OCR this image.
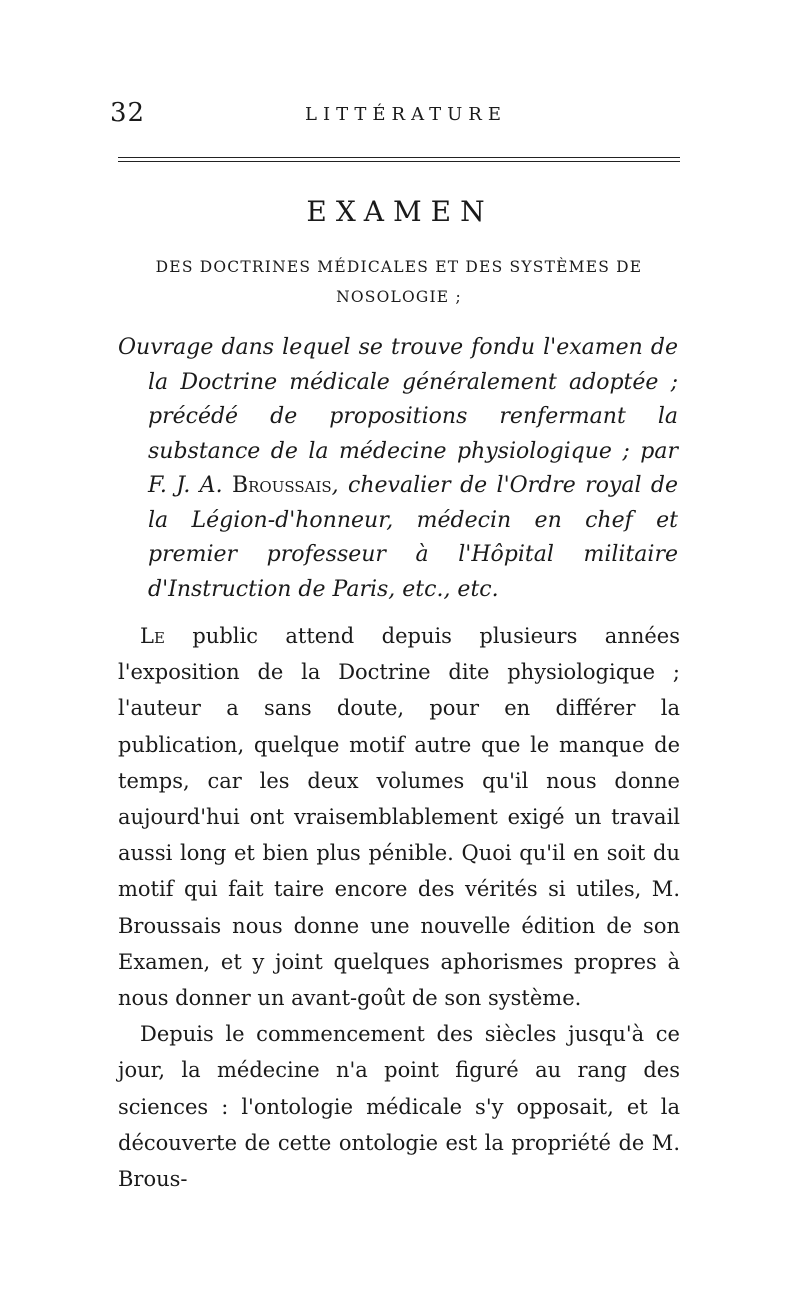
32	LITTÉRATURE
EXAMEN
DES DOCTRINES MÉDICALES ET DES SYSTÈMES DE NOSOLOGIE ;

Ouvrage dans lequel se trouve fondu l'examen de la Doctrine médicale généralement adoptée ; précédé de propositions renfermant la substance de la médecine physiologique ; par F. J. A. Broussais, chevalier de l'Ordre royal de la Légion-d'honneur, médecin en chef et premier professeur à l'Hôpital militaire d'Instruction de Paris, etc., etc.

Le public attend depuis plusieurs années l'exposition de la Doctrine dite physiologique ; l'auteur a sans doute, pour en différer la publication, quelque motif autre que le manque de temps, car les deux volumes qu'il nous donne aujourd'hui ont vraisemblablement exigé un travail aussi long et bien plus pénible. Quoi qu'il en soit du motif qui fait taire encore des vérités si utiles, M. Broussais nous donne une nouvelle édition de son Examen, et y joint quelques aphorismes propres à nous donner un avant-goût de son système.

Depuis le commencement des siècles jusqu'à ce jour, la médecine n'a point figuré au rang des sciences : l'ontologie médicale s'y opposait, et la découverte de cette ontologie est la propriété de M. Brous-
